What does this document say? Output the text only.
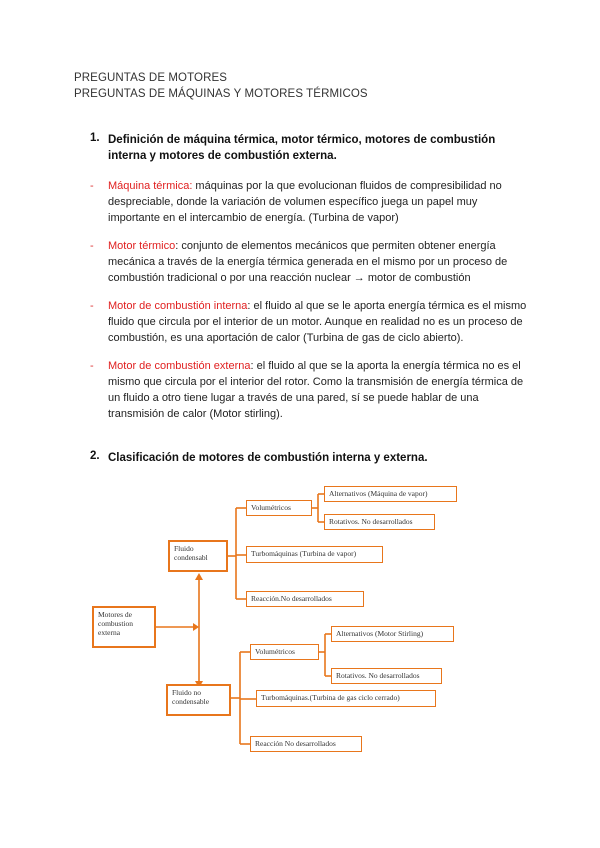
PREGUNTAS DE MOTORES
PREGUNTAS DE MÁQUINAS Y MOTORES TÉRMICOS
1. Definición de máquina térmica, motor térmico, motores de combustión interna y motores de combustión externa.
- Máquina térmica: máquinas por la que evolucionan fluidos de compresibilidad no despreciable, donde la variación de volumen específico juega un papel muy importante en el intercambio de energía. (Turbina de vapor)
- Motor térmico: conjunto de elementos mecánicos que permiten obtener energía mecánica a través de la energía térmica generada en el mismo por un proceso de combustión tradicional o por una reacción nuclear → motor de combustión
- Motor de combustión interna: el fluido al que se le aporta energía térmica es el mismo fluido que circula por el interior de un motor. Aunque en realidad no es un proceso de combustión, es una aportación de calor (Turbina de gas de ciclo abierto).
- Motor de combustión externa: el fluido al que se la aporta la energía térmica no es el mismo que circula por el interior del rotor. Como la transmisión de energía térmica de un fluido a otro tiene lugar a través de una pared, sí se puede hablar de una transmisión de calor (Motor stirling).
2. Clasificación de motores de combustión interna y externa.
Motores de combustion externa
Fluido condensabl
Fluido no condensable
Volumétricos
Alternativos (Máquina de vapor)
Rotativos. No desarrollados
Turbomáquinas (Turbina de vapor)
Reacción.No desarrollados
Volumétricos
Alternativos (Motor Stirling)
Rotativos. No desarrollados
Turbomáquinas.(Turbina de gas ciclo cerrado)
Reacción No desarrollados
